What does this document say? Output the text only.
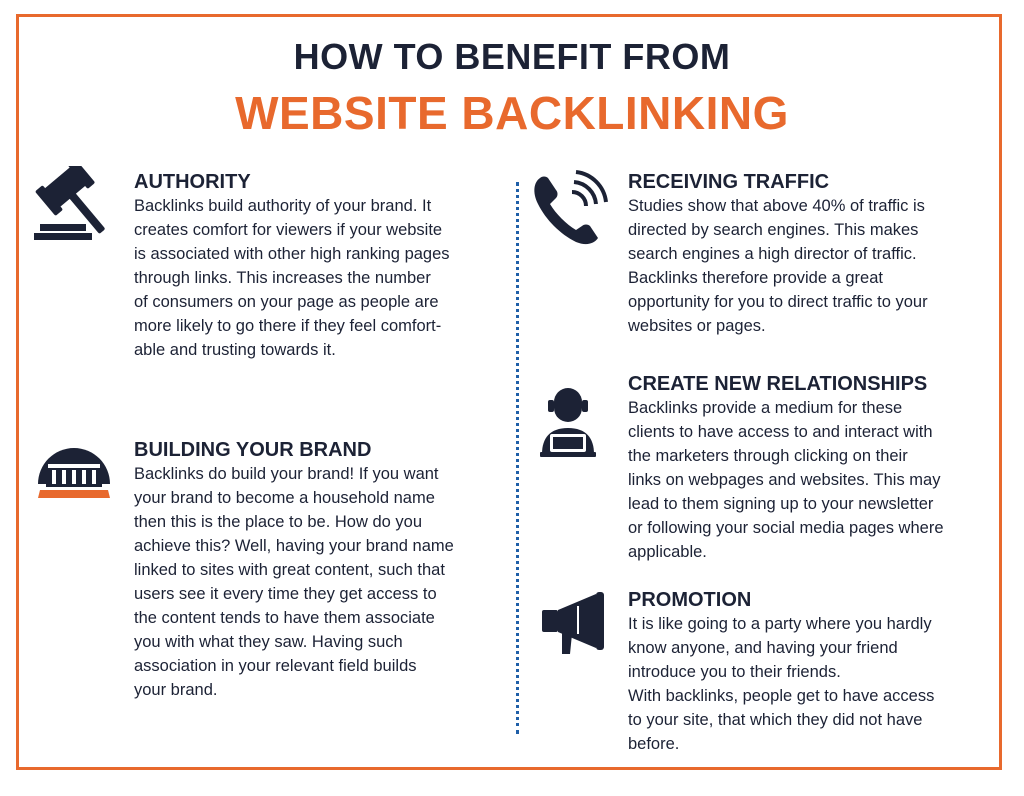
HOW TO BENEFIT FROM
WEBSITE BACKLINKING
AUTHORITY

Backlinks build authority of your brand. It
creates comfort for viewers if your website
is associated with other high ranking pages
through links. This increases the number
of consumers on your page as people are
more likely to go there if they feel comfort-
able and trusting towards it.

BUILDING YOUR BRAND

Backlinks do build your brand! If you want
your brand to become a household name
then this is the place to be. How do you
achieve this? Well, having your brand name
linked to sites with great content, such that
users see it every time they get access to
the content tends to have them associate
you with what they saw. Having such
association in your relevant field builds
your brand.

RECEIVING TRAFFIC

Studies show that above 40% of traffic is
directed by search engines. This makes
search engines a high director of traffic.
Backlinks therefore provide a great
opportunity for you to direct traffic to your
websites or pages.

CREATE NEW RELATIONSHIPS

Backlinks provide a medium for these
clients to have access to and interact with
the marketers through clicking on their
links on webpages and websites. This may
lead to them signing up to your newsletter
or following your social media pages where
applicable.

PROMOTION

It is like going to a party where you hardly
know anyone, and having your friend
introduce you to their friends.
With backlinks, people get to have access
to your site, that which they did not have
before.
